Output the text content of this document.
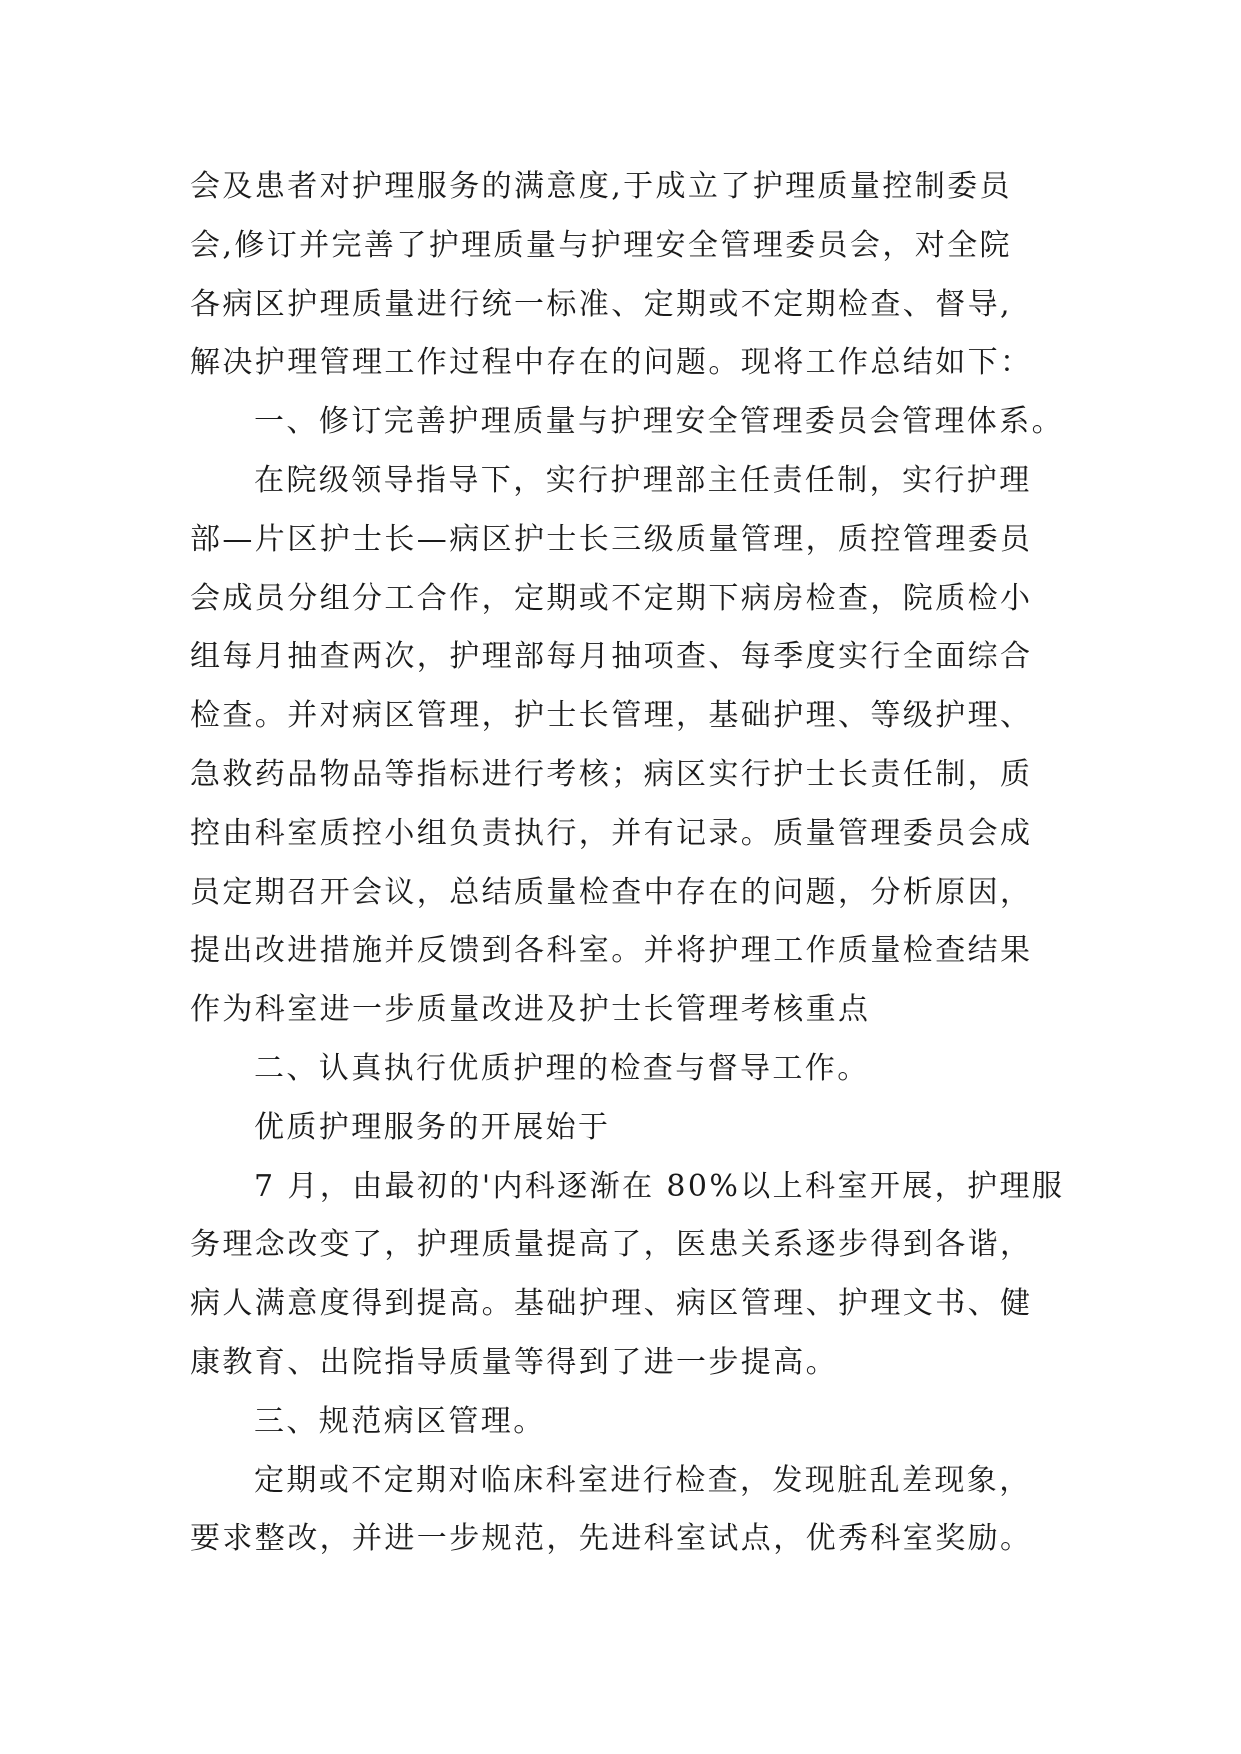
会及患者对护理服务的满意度,于成立了护理质量控制委员
会,修订并完善了护理质量与护理安全管理委员会，对全院
各病区护理质量进行统一标准、定期或不定期检查、督导,
解决护理管理工作过程中存在的问题。现将工作总结如下：
一、修订完善护理质量与护理安全管理委员会管理体系。
在院级领导指导下，实行护理部主任责任制，实行护理
部—片区护士长—病区护士长三级质量管理，质控管理委员
会成员分组分工合作，定期或不定期下病房检查，院质检小
组每月抽查两次，护理部每月抽项查、每季度实行全面综合
检查。并对病区管理，护士长管理，基础护理、等级护理、
急救药品物品等指标进行考核；病区实行护士长责任制，质
控由科室质控小组负责执行，并有记录。质量管理委员会成
员定期召开会议，总结质量检查中存在的问题，分析原因，
提出改进措施并反馈到各科室。并将护理工作质量检查结果
作为科室进一步质量改进及护士长管理考核重点
二、认真执行优质护理的检查与督导工作。
优质护理服务的开展始于
7 月，由最初的'内科逐渐在 80%以上科室开展，护理服
务理念改变了，护理质量提高了，医患关系逐步得到各谐，
病人满意度得到提高。基础护理、病区管理、护理文书、健
康教育、出院指导质量等得到了进一步提高。
三、规范病区管理。
定期或不定期对临床科室进行检查，发现脏乱差现象，
要求整改，并进一步规范，先进科室试点，优秀科室奖励。
